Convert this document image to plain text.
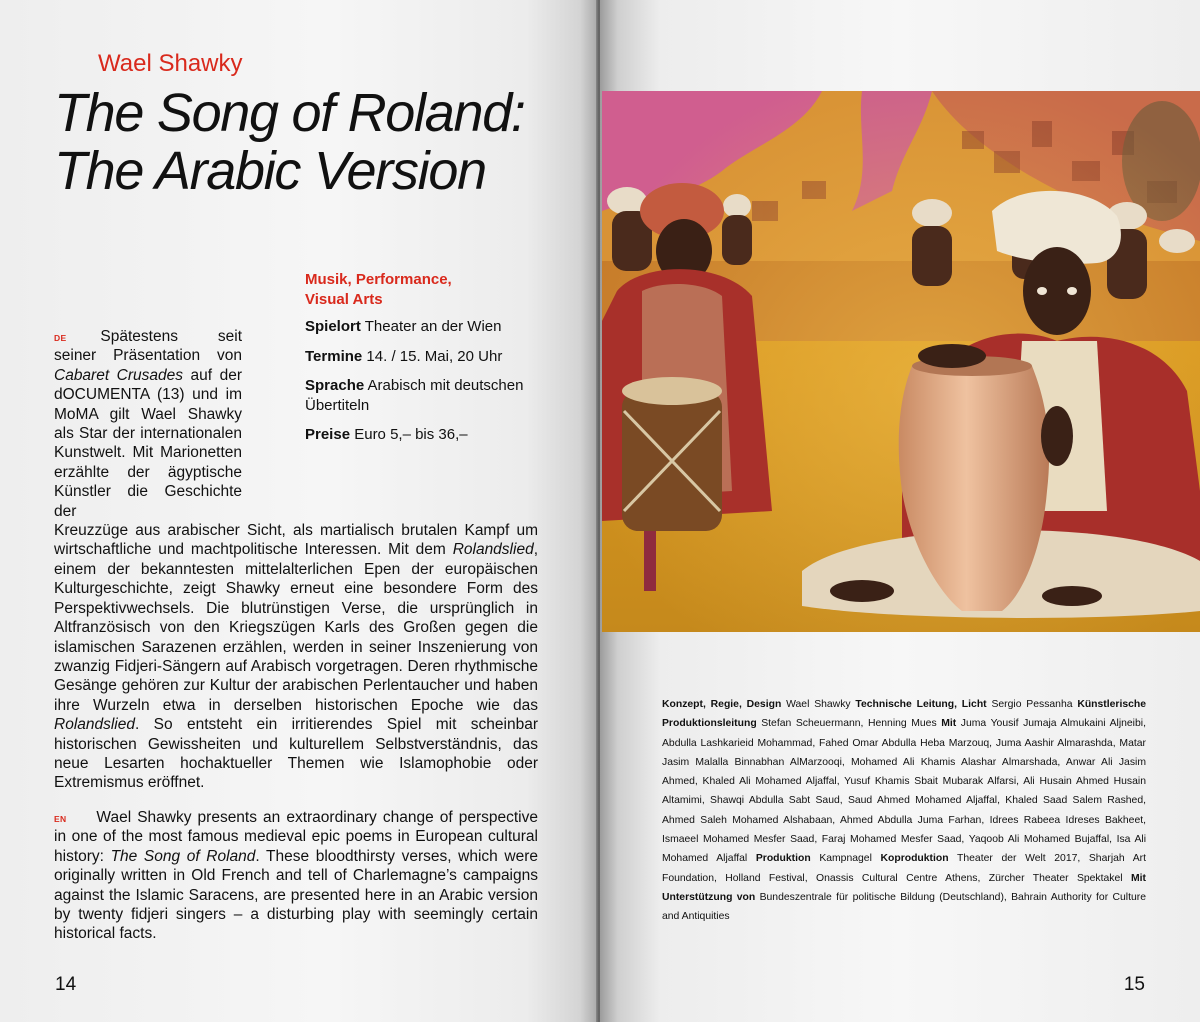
Wael Shawky
The Song of Roland:
The Arabic Version
Musik, Performance,
Visual Arts

Spielort Theater an der Wien

Termine 14. / 15. Mai, 20 Uhr

Sprache Arabisch mit deutschen Übertiteln

Preise Euro 5,– bis 36,–

$^{DE}$ Spätestens seit seiner Präsentation von Cabaret Crusades auf der dOCUMENTA (13) und im MoMA gilt Wael Shawky als Star der internationalen Kunstwelt. Mit Marionetten erzählte der ägyptische Künstler die Geschichte der
Kreuzzüge aus arabischer Sicht, als martialisch brutalen Kampf um wirtschaftliche und machtpolitische Interessen. Mit dem Rolandslied, einem der bekanntesten mittelalterlichen Epen der europäischen Kulturgeschichte, zeigt Shawky erneut eine besondere Form des Perspektivwechsels. Die blutrünstigen Verse, die ursprünglich in Altfranzösisch von den Kriegszügen Karls des Großen gegen die islamischen Sarazenen erzählen, werden in seiner Inszenierung von zwanzig Fidjeri-Sängern auf Arabisch vorgetragen. Deren rhythmische Gesänge gehören zur Kultur der arabischen Perlentaucher und haben ihre Wurzeln etwa in derselben historischen Epoche wie das Rolandslied. So entsteht ein irritierendes Spiel mit scheinbar historischen Gewissheiten und kulturellem Selbstverständnis, das neue Lesarten hochaktueller Themen wie Islamophobie oder Extremismus eröffnet.
$^{EN}$ Wael Shawky presents an extraordinary change of perspective in one of the most famous medieval epic poems in European cultural history: The Song of Roland. These bloodthirsty verses, which were originally written in Old French and tell of Charlemagne’s campaigns against the Islamic Saracens, are presented here in an Arabic version by twenty fidjeri singers – a disturbing play with seemingly certain historical facts.
14
Konzept, Regie, Design Wael Shawky Technische Leitung, Licht Sergio Pessanha Künstlerische Produktionsleitung Stefan Scheuermann, Henning Mues Mit Juma Yousif Jumaja Almukaini Aljneibi, Abdulla Lashkarieid Mohammad, Fahed Omar Abdulla Heba Marzouq, Juma Aashir Almarashda, Matar Jasim Malalla Binnabhan AlMarzooqi, Mohamed Ali Khamis Alashar Almarshada, Anwar Ali Jasim Ahmed, Khaled Ali Mohamed Aljaffal, Yusuf Khamis Sbait Mubarak Alfarsi, Ali Husain Ahmed Husain Altamimi, Shawqi Abdulla Sabt Saud, Saud Ahmed Mohamed Aljaffal, Khaled Saad Salem Rashed, Ahmed Saleh Mohamed Alshabaan, Ahmed Abdulla Juma Farhan, Idrees Rabeea Idreses Bakheet, Ismaeel Mohamed Mesfer Saad, Faraj Mohamed Mesfer Saad, Yaqoob Ali Mohamed Bujaffal, Isa Ali Mohamed Aljaffal Produktion Kampnagel Koproduktion Theater der Welt 2017, Sharjah Art Foundation, Holland Festival, Onassis Cultural Centre Athens, Zürcher Theater Spektakel Mit Unterstützung von Bundeszentrale für politische Bildung (Deutschland), Bahrain Authority for Culture and Antiquities
15
